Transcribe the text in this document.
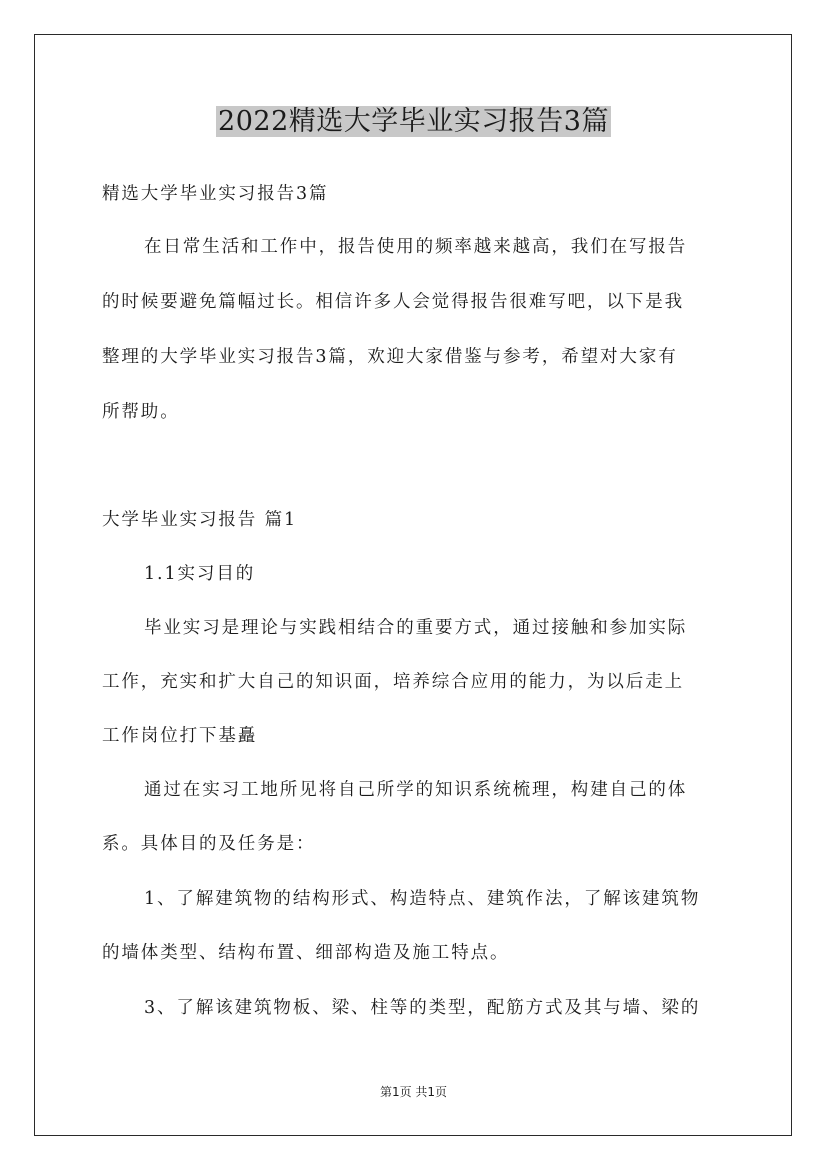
2022精选大学毕业实习报告3篇

精选大学毕业实习报告3篇

在日常生活和工作中，报告使用的频率越来越高，我们在写报告

的时候要避免篇幅过长。相信许多人会觉得报告很难写吧，以下是我

整理的大学毕业实习报告3篇，欢迎大家借鉴与参考，希望对大家有

所帮助。

大学毕业实习报告 篇1

1.1实习目的

毕业实习是理论与实践相结合的重要方式，通过接触和参加实际

工作，充实和扩大自己的知识面，培养综合应用的能力，为以后走上

工作岗位打下基矗

通过在实习工地所见将自己所学的知识系统梳理，构建自己的体

系。具体目的及任务是：

1、了解建筑物的结构形式、构造特点、建筑作法，了解该建筑物

的墙体类型、结构布置、细部构造及施工特点。

3、了解该建筑物板、梁、柱等的类型，配筋方式及其与墙、梁的

第1页 共1页
